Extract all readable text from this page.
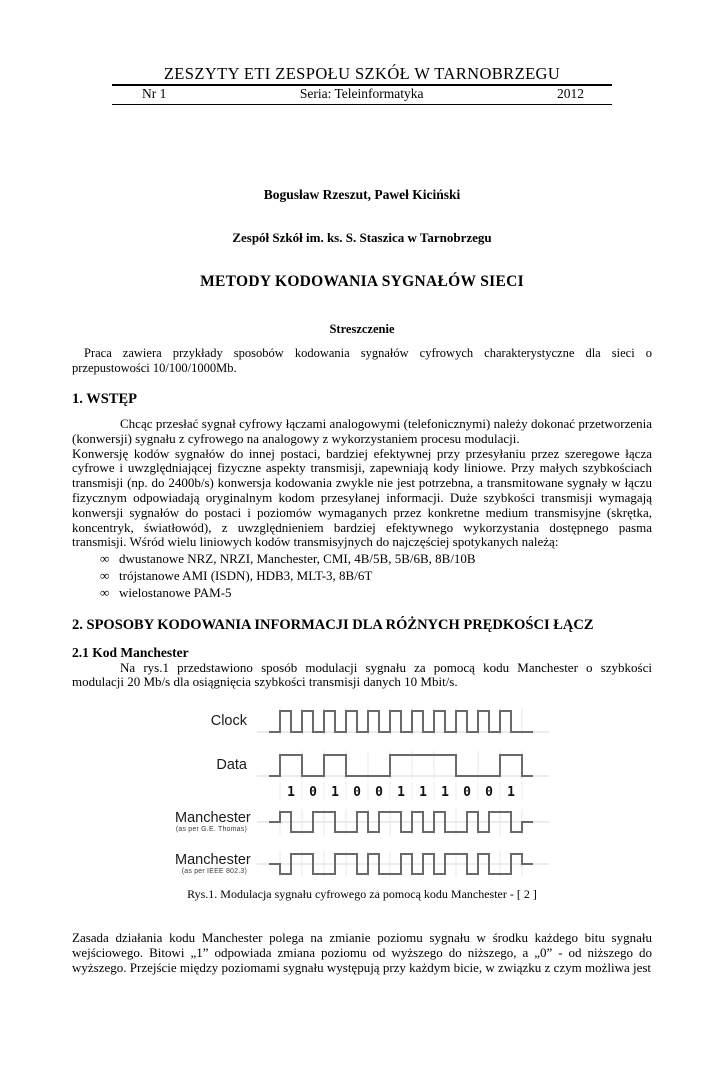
ZESZYTY ETI ZESPOŁU SZKÓŁ W TARNOBRZEGU
Nr 1	Seria: Teleinformatyka	2012
Bogusław Rzeszut, Paweł Kiciński
Zespół Szkół im. ks. S. Staszica w Tarnobrzegu
METODY KODOWANIA SYGNAŁÓW SIECI
Streszczenie

Praca zawiera przykłady sposobów kodowania sygnałów cyfrowych charakterystyczne dla sieci o przepustowości 10/100/1000Mb.

1. WSTĘP

Chcąc przesłać sygnał cyfrowy łączami analogowymi (telefonicznymi) należy dokonać przetworzenia (konwersji) sygnału z cyfrowego na analogowy z wykorzystaniem procesu modulacji.

Konwersję kodów sygnałów do innej postaci, bardziej efektywnej przy przesyłaniu przez szeregowe łącza cyfrowe i uwzględniającej fizyczne aspekty transmisji, zapewniają kody liniowe. Przy małych szybkościach transmisji (np. do 2400b/s) konwersja kodowania zwykle nie jest potrzebna, a transmitowane sygnały w łączu fizycznym odpowiadają oryginalnym kodom przesyłanej informacji. Duże szybkości transmisji wymagają konwersji sygnałów do postaci i poziomów wymaganych przez konkretne medium transmisyjne (skrętka, koncentryk, światłowód), z uwzględnieniem bardziej efektywnego wykorzystania dostępnego pasma transmisji. Wśród wielu liniowych kodów transmisyjnych do najczęściej spotykanych należą:

∞ dwustanowe NRZ, NRZI, Manchester, CMI, 4B/5B, 5B/6B, 8B/10B
∞ trójstanowe AMI (ISDN), HDB3, MLT-3, 8B/6T
∞ wielostanowe PAM-5
2. SPOSOBY KODOWANIA INFORMACJI DLA RÓŻNYCH PRĘDKOŚCI ŁĄCZ
2.1 Kod Manchester

Na rys.1 przedstawiono sposób modulacji sygnału za pomocą kodu Manchester o szybkości modulacji 20 Mb/s dla osiągnięcia szybkości transmisji danych 10 Mbit/s.

Clock
Data
1 0 1 0 0 1 1 1 0 0 1
Manchester
(as per G.E. Thomas)
Manchester
(as per IEEE 802.3)
Rys.1. Modulacja sygnału cyfrowego za pomocą kodu Manchester - [ 2 ]

Zasada działania kodu Manchester polega na zmianie poziomu sygnału w środku każdego bitu sygnału wejściowego. Bitowi „1” odpowiada zmiana poziomu od wyższego do niższego, a „0” - od niższego do wyższego. Przejście między poziomami sygnału występują przy każdym bicie, w związku z czym możliwa jest
